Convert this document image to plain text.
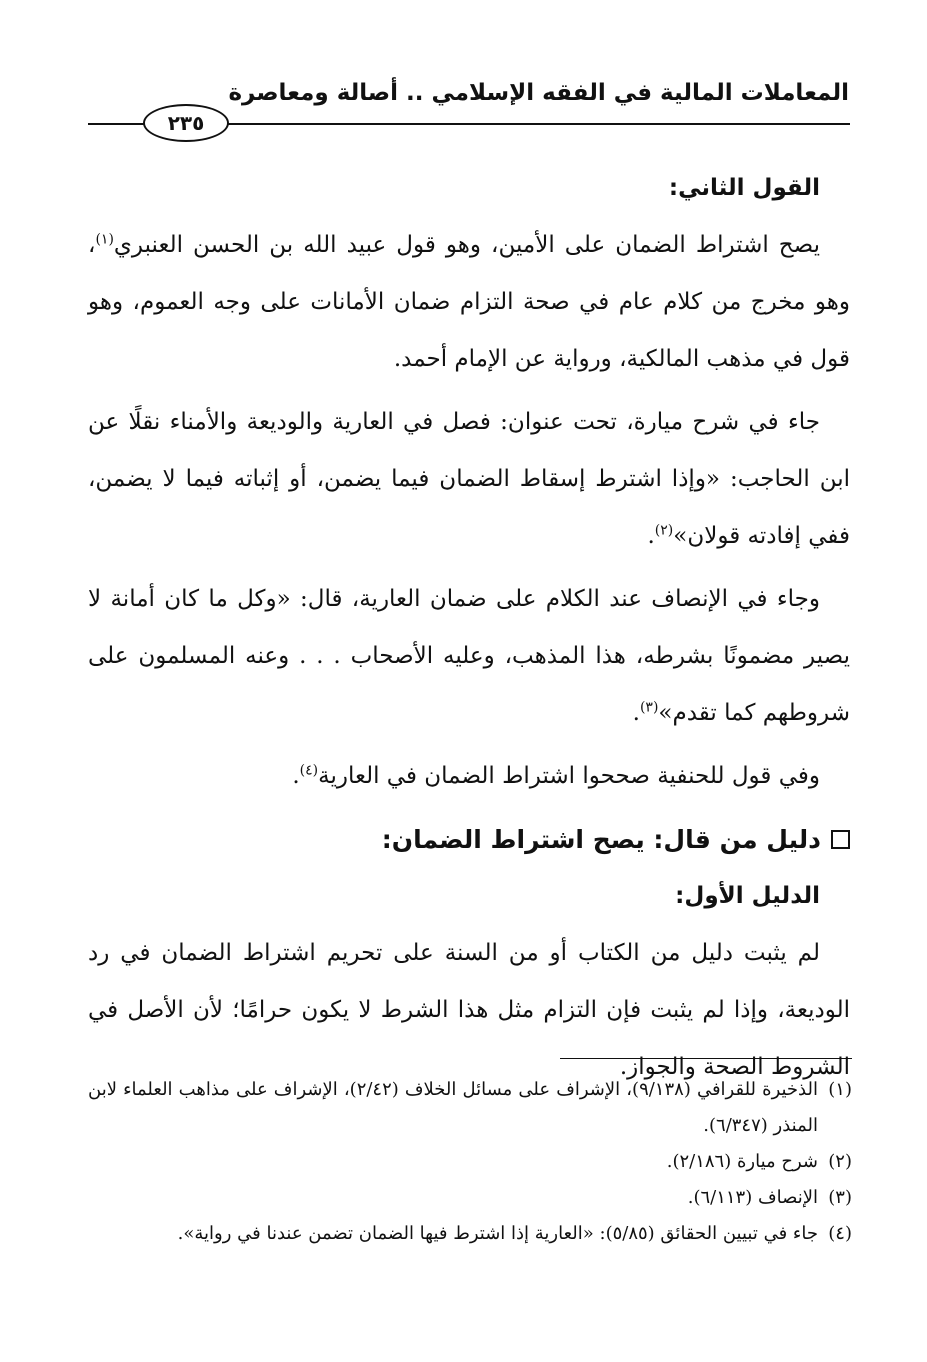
المعاملات المالية في الفقه الإسلامي .. أصالة ومعاصرة
٢٣٥
القول الثاني:

يصح اشتراط الضمان على الأمين، وهو قول عبيد الله بن الحسن العنبري$^{(١)}$، وهو مخرج من كلام عام في صحة التزام ضمان الأمانات على وجه العموم، وهو قول في مذهب المالكية، ورواية عن الإمام أحمد.

جاء في شرح ميارة، تحت عنوان: فصل في العارية والوديعة والأمناء نقلًا عن ابن الحاجب: «وإذا اشترط إسقاط الضمان فيما يضمن، أو إثباته فيما لا يضمن، ففي إفادته قولان»$^{(٢)}$.

وجاء في الإنصاف عند الكلام على ضمان العارية، قال: «وكل ما كان أمانة لا يصير مضمونًا بشرطه، هذا المذهب، وعليه الأصحاب . . . وعنه المسلمون على شروطهم كما تقدم»$^{(٣)}$.

وفي قول للحنفية صححوا اشتراط الضمان في العارية$^{(٤)}$.

دليل من قال: يصح اشتراط الضمان:
الدليل الأول:

لم يثبت دليل من الكتاب أو من السنة على تحريم اشتراط الضمان في رد الوديعة، وإذا لم يثبت فإن التزام مثل هذا الشرط لا يكون حرامًا؛ لأن الأصل في الشروط الصحة والجواز.

(١)
الذخيرة للقرافي (٩/١٣٨)، الإشراف على مسائل الخلاف (٢/٤٢)، الإشراف على مذاهب العلماء لابن المنذر (٦/٣٤٧).
(٢)
شرح ميارة (٢/١٨٦).
(٣)
الإنصاف (٦/١١٣).
(٤)
جاء في تبيين الحقائق (٥/٨٥): «العارية إذا اشترط فيها الضمان تضمن عندنا في رواية».
